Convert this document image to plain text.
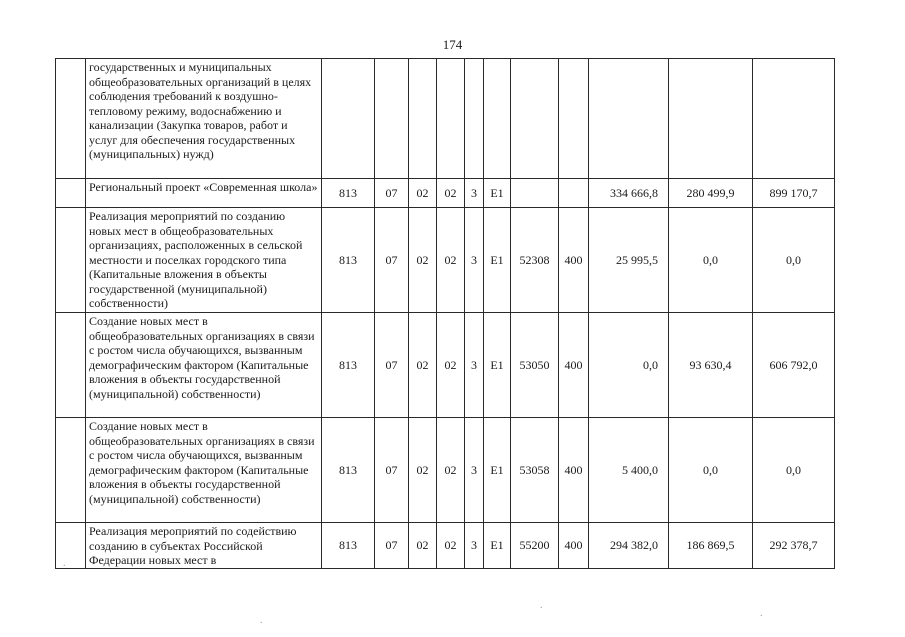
174
	государственных и муниципальных общеобразовательных организаций в целях соблюдения требований к воздушно-тепловому режиму, водоснабжению и канализации (Закупка товаров, работ и услуг для обеспечения государственных (муниципальных) нужд)											
	Региональный проект «Современная школа»	813	07	02	02	3	E1			334 666,8	280 499,9	899 170,7
	Реализация мероприятий по созданию новых мест в общеобразовательных организациях, расположенных в сельской местности и поселках городского типа (Капитальные вложения в объекты государственной (муниципальной) собственности)	813	07	02	02	3	E1	52308	400	25 995,5	0,0	0,0
	Создание новых мест в общеобразовательных организациях в связи с ростом числа обучающихся, вызванным демографическим фактором (Капитальные вложения в объекты государственной (муниципальной) собственности)	813	07	02	02	3	E1	53050	400	0,0	93 630,4	606 792,0
	Создание новых мест в общеобразовательных организациях в связи с ростом числа обучающихся, вызванным демографическим фактором (Капитальные вложения в объекты государственной (муниципальной) собственности)	813	07	02	02	3	E1	53058	400	5 400,0	0,0	0,0
	Реализация мероприятий по содействию созданию в субъектах Российской Федерации новых мест в	813	07	02	02	3	E1	55200	400	294 382,0	186 869,5	292 378,7
.
.
.
.
